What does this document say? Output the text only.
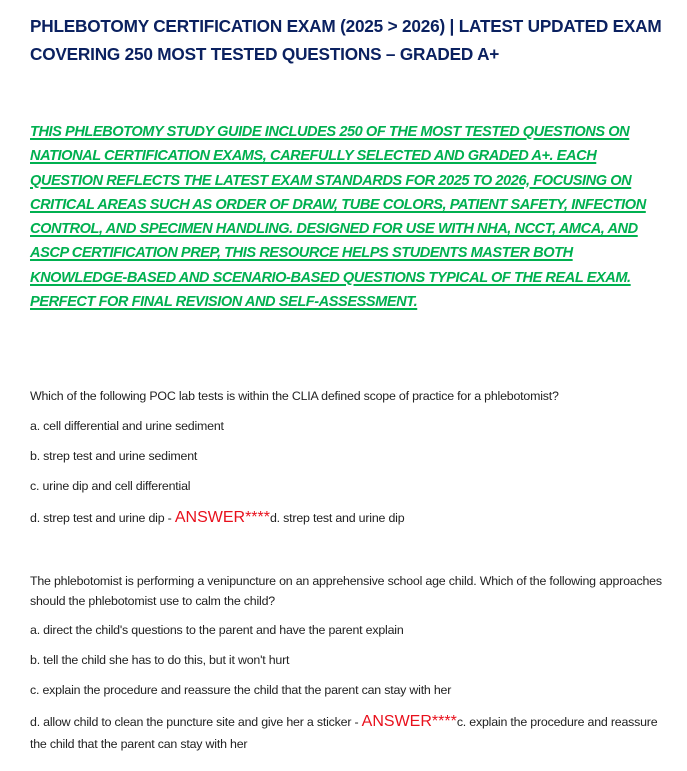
PHLEBOTOMY CERTIFICATION EXAM (2025 > 2026) | LATEST UPDATED EXAM COVERING 250 MOST TESTED QUESTIONS – GRADED A+

THIS PHLEBOTOMY STUDY GUIDE INCLUDES 250 OF THE MOST TESTED QUESTIONS ON NATIONAL CERTIFICATION EXAMS, CAREFULLY SELECTED AND GRADED A+. EACH QUESTION REFLECTS THE LATEST EXAM STANDARDS FOR 2025 TO 2026, FOCUSING ON CRITICAL AREAS SUCH AS ORDER OF DRAW, TUBE COLORS, PATIENT SAFETY, INFECTION CONTROL, AND SPECIMEN HANDLING. DESIGNED FOR USE WITH NHA, NCCT, AMCA, AND ASCP CERTIFICATION PREP, THIS RESOURCE HELPS STUDENTS MASTER BOTH KNOWLEDGE-BASED AND SCENARIO-BASED QUESTIONS TYPICAL OF THE REAL EXAM. PERFECT FOR FINAL REVISION AND SELF-ASSESSMENT.

Which of the following POC lab tests is within the CLIA defined scope of practice for a phlebotomist?

a. cell differential and urine sediment

b. strep test and urine sediment

c. urine dip and cell differential

d. strep test and urine dip - ANSWER****d. strep test and urine dip

The phlebotomist is performing a venipuncture on an apprehensive school age child. Which of the following approaches should the phlebotomist use to calm the child?

a. direct the child's questions to the parent and have the parent explain

b. tell the child she has to do this, but it won't hurt

c. explain the procedure and reassure the child that the parent can stay with her

d. allow child to clean the puncture site and give her a sticker - ANSWER****c. explain the procedure and reassure the child that the parent can stay with her
